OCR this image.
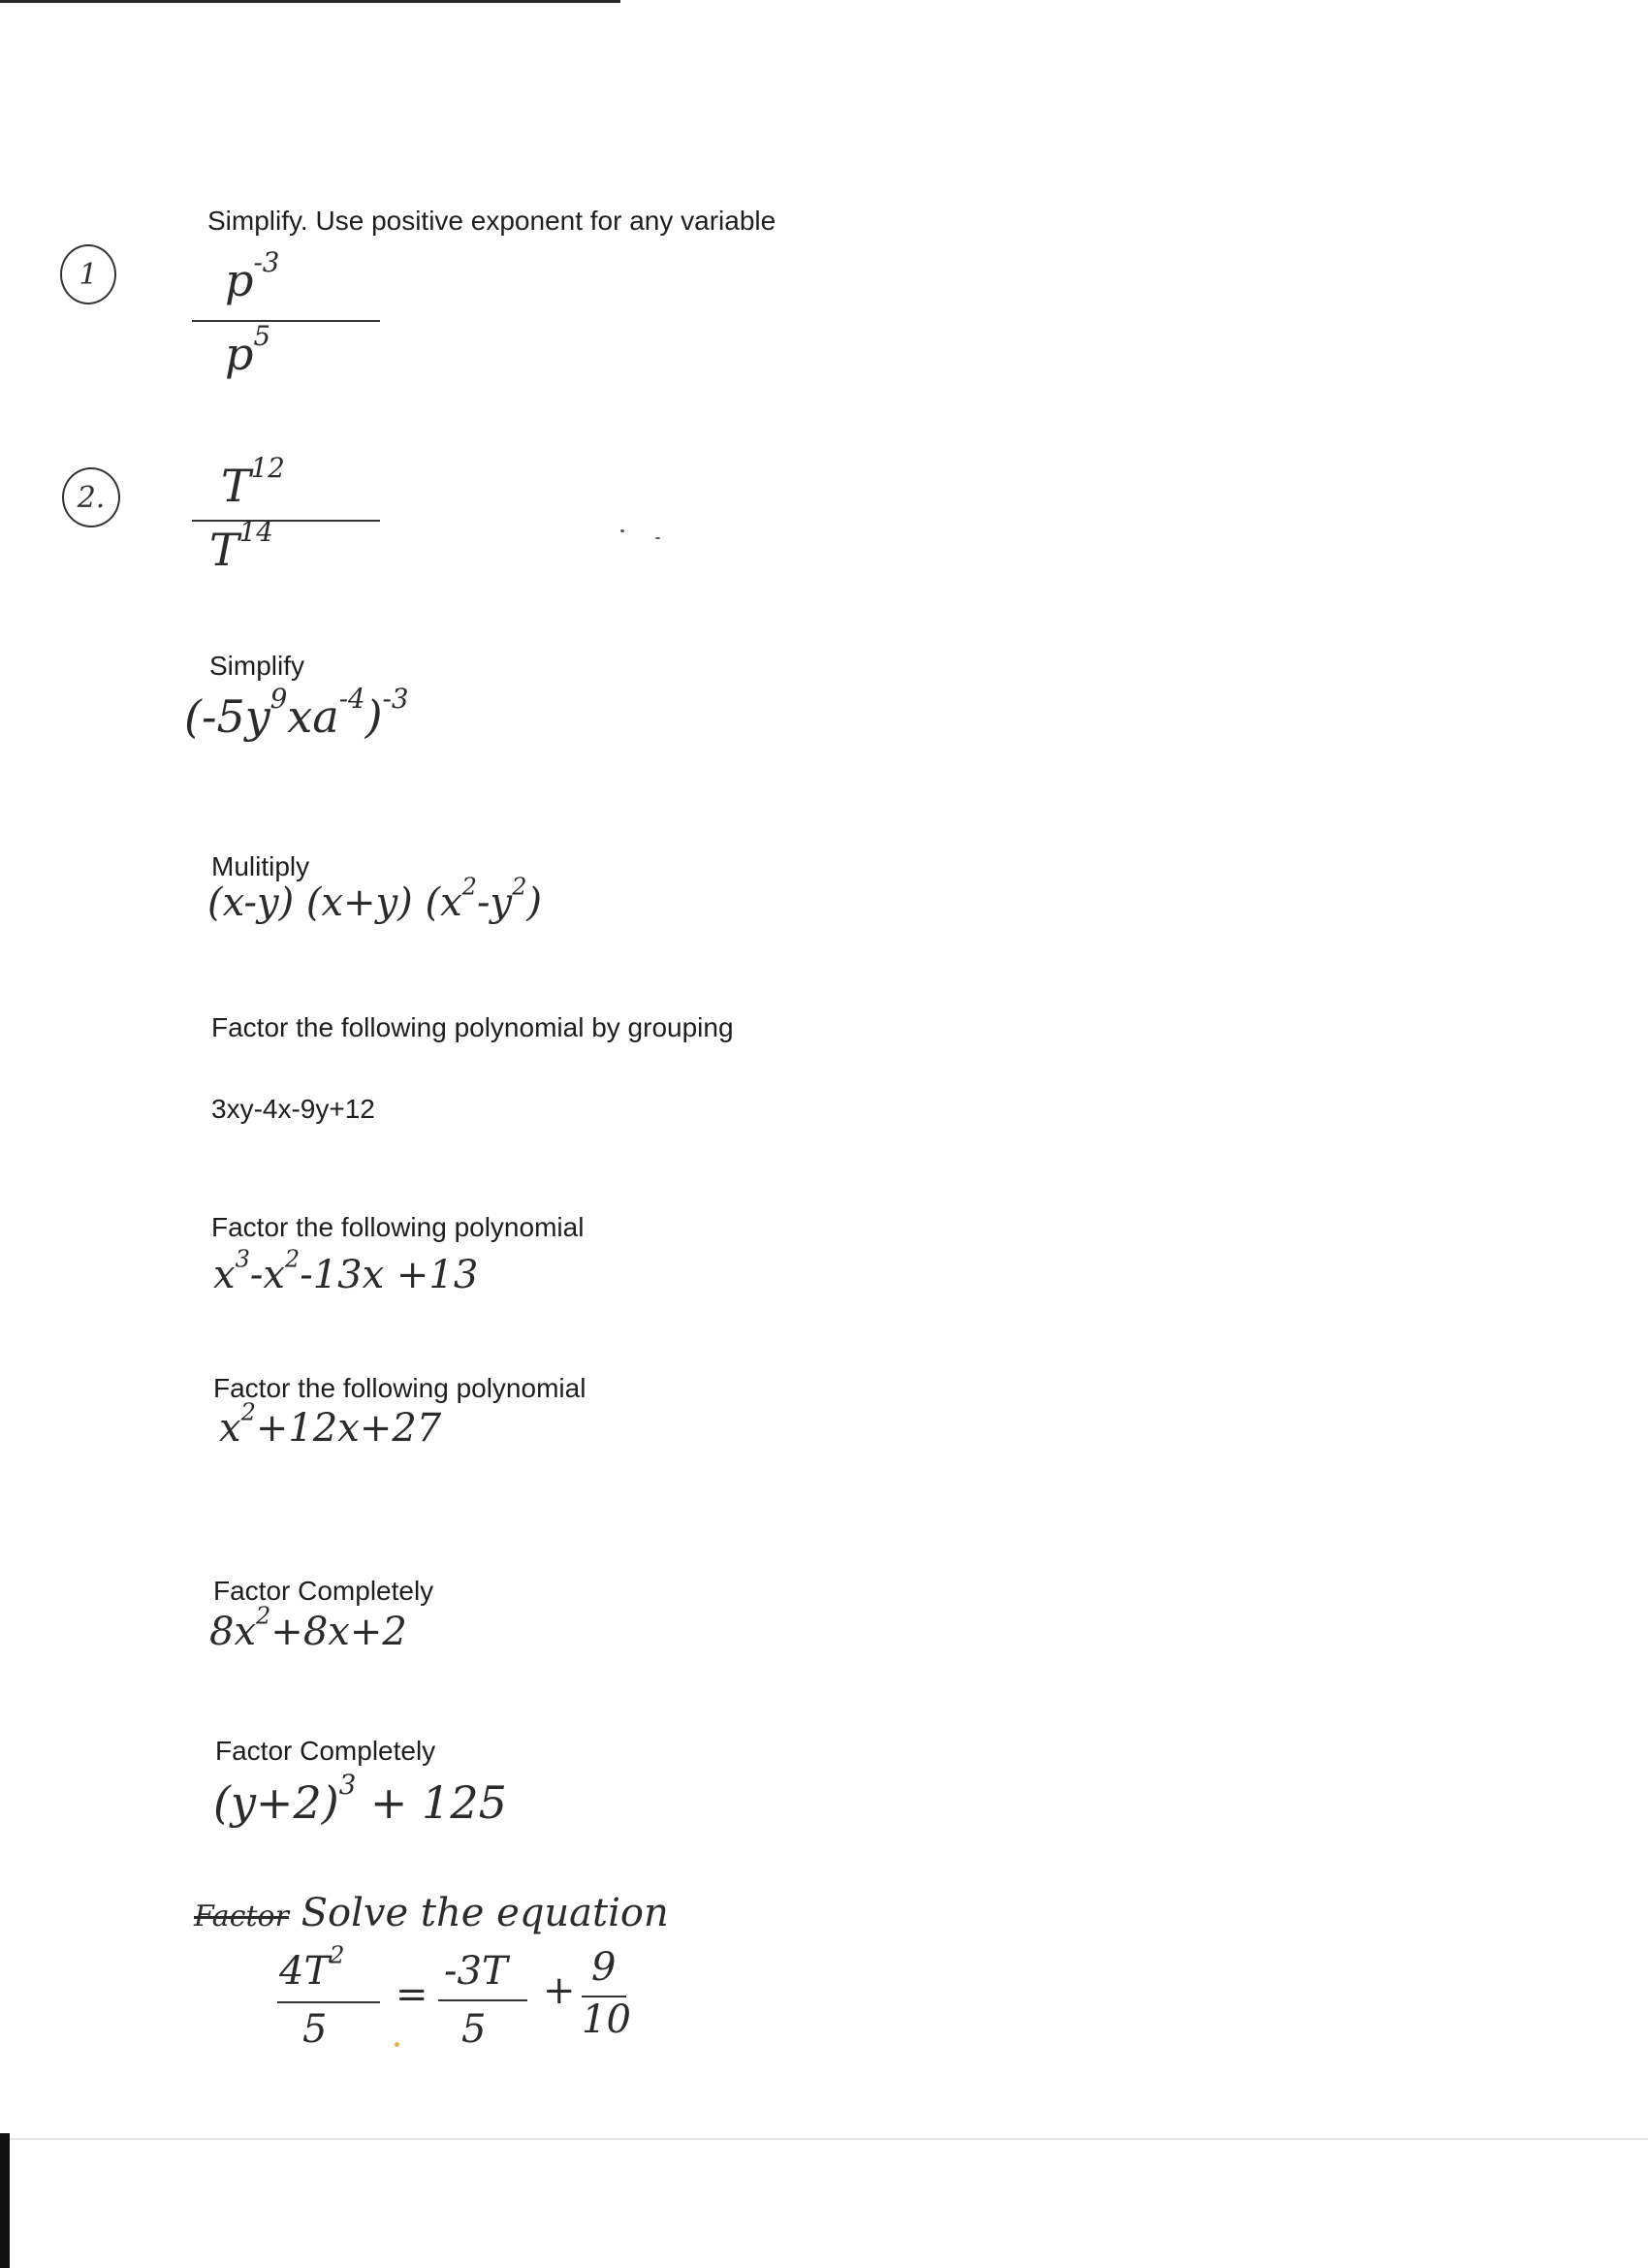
Simplify. Use positive exponent for any variable
1	$p^{-3}$
$p^5$
2.	$T^{12}$
$T^{14}$
Simplify
$(-5y^9xa^{-4})^{-3}$
Mulitiply
(x-y) (x+y) $(x^2-y^2)$
Factor the following polynomial by grouping
3xy-4x-9y+12
Factor the following polynomial
$x^3-x^2-13x +13$
Factor the following polynomial
$x^2+12x+27$
Factor Completely
$8x^2+8x+2$
Factor Completely
$(y+2)^3 + 125$
Factor Solve the equation
$4T^2$
5
=
-3T
5
+
9
10
